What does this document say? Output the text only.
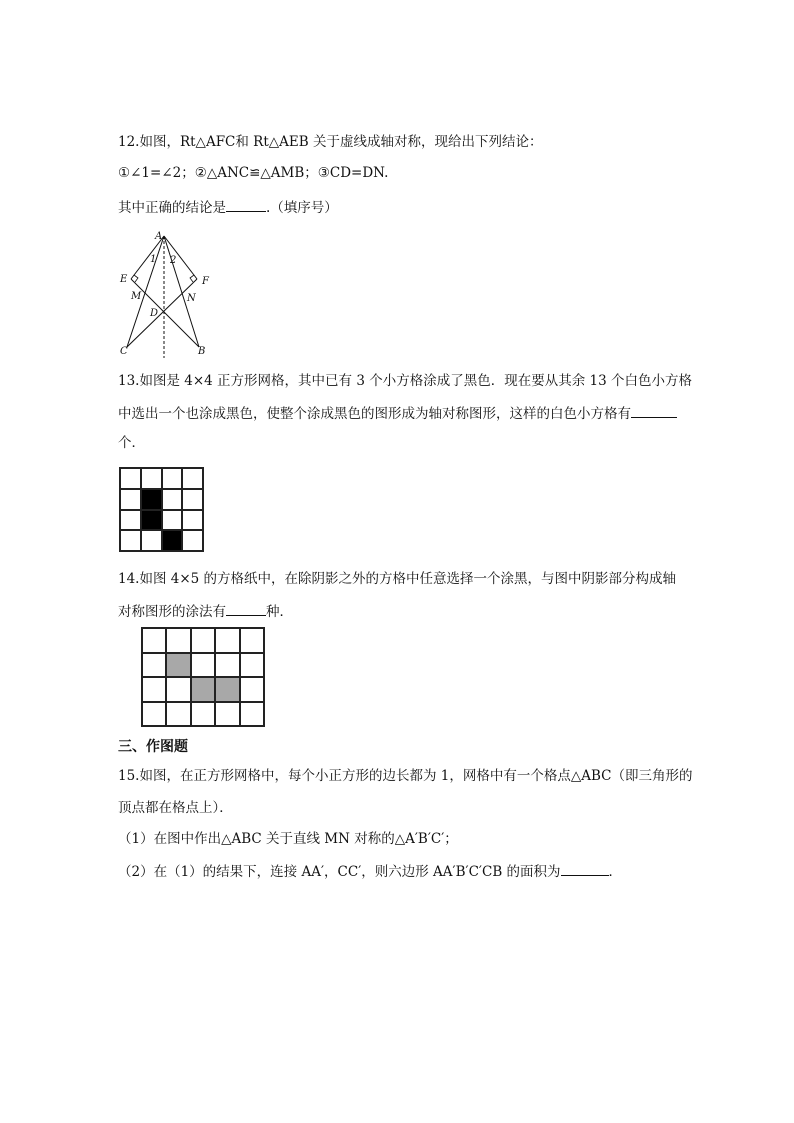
12.如图，Rt△AFC和 Rt△AEB 关于虚线成轴对称，现给出下列结论：
①∠1=∠2；②△ANC≌△AMB；③CD=DN.
其中正确的结论是	.（填序号）
A
E	F
M	N
D
C	B
1 2
13.如图是 4×4 正方形网格，其中已有 3 个小方格涂成了黑色．现在要从其余 13 个白色小方格
中选出一个也涂成黑色，使整个涂成黑色的图形成为轴对称图形，这样的白色小方格有
个．
14.如图 4×5 的方格纸中，在除阴影之外的方格中任意选择一个涂黑，与图中阴影部分构成轴
对称图形的涂法有	种．
三、作图题
15.如图，在正方形网格中，每个小正方形的边长都为 1，网格中有一个格点△ABC（即三角形的
顶点都在格点上）．
（1）在图中作出△ABC 关于直线 MN 对称的△A′B′C′；
（2）在（1）的结果下，连接 AA′，CC′，则六边形 AA′B′C′CB 的面积为	．
